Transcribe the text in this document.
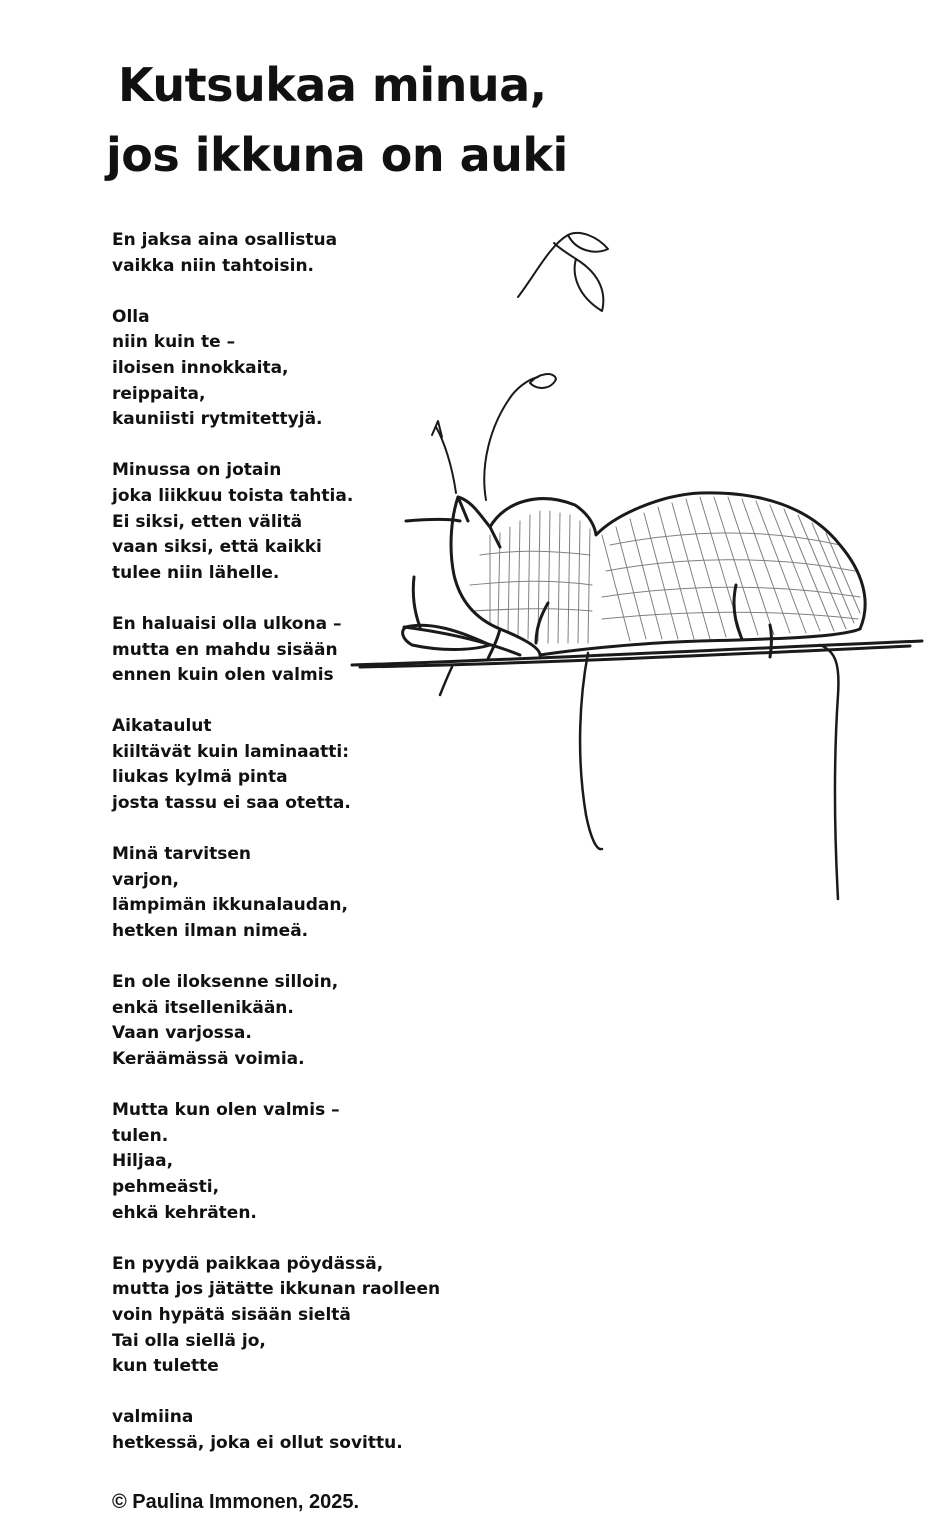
Kutsukaa minua,
jos ikkuna on auki

En jaksa aina osallistua
vaikka niin tahtoisin.

Olla
niin kuin te –
iloisen innokkaita,
reippaita,
kauniisti rytmitettyjä.

Minussa on jotain
joka liikkuu toista tahtia.
Ei siksi, etten välitä
vaan siksi, että kaikki
tulee niin lähelle.

En haluaisi olla ulkona –
mutta en mahdu sisään
ennen kuin olen valmis

Aikataulut
kiiltävät kuin laminaatti:
liukas kylmä pinta
josta tassu ei saa otetta.

Minä tarvitsen
varjon,
lämpimän ikkunalaudan,
hetken ilman nimeä.

En ole iloksenne silloin,
enkä itsellenikään.
Vaan varjossa.
Keräämässä voimia.

Mutta kun olen valmis –
tulen.
Hiljaa,
pehmeästi,
ehkä kehräten.

En pyydä paikkaa pöydässä,
mutta jos jätätte ikkunan raolleen
voin hypätä sisään sieltä
Tai olla siellä jo,
kun tulette

valmiina
hetkessä, joka ei ollut sovittu.

© Paulina Immonen, 2025.
